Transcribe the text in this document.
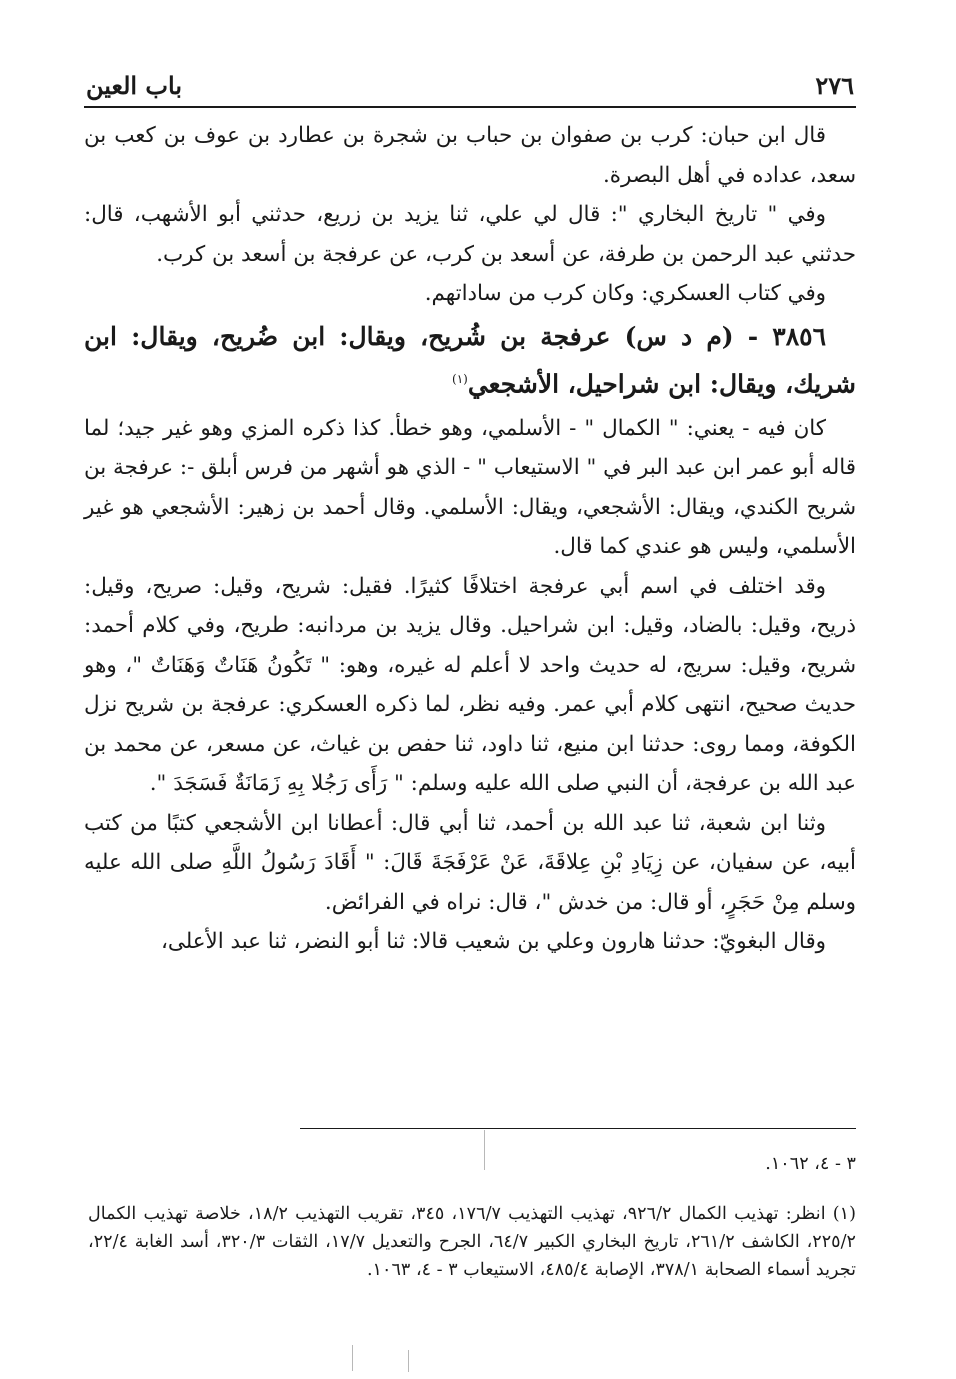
٢٧٦
باب العين

قال ابن حبان: كرب بن صفوان بن حباب بن شجرة بن عطارد بن عوف بن كعب بن سعد، عداده في أهل البصرة.

وفي " تاريخ البخاري ": قال لي علي، ثنا يزيد بن زريع، حدثني أبو الأشهب، قال: حدثني عبد الرحمن بن طرفة، عن أسعد بن كرب، عن عرفجة بن أسعد بن كرب.

وفي كتاب العسكري: وكان كرب من ساداتهم.

٣٨٥٦ - (م د س) عرفجة بن شُريح، ويقال: ابن ضُريح، ويقال: ابن شريك، ويقال: ابن شراحيل، الأشجعي$^{(١)}$

كان فيه - يعني: " الكمال " - الأسلمي، وهو خطأ. كذا ذكره المزي وهو غير جيد؛ لما قاله أبو عمر ابن عبد البر في " الاستيعاب " - الذي هو أشهر من فرس أبلق -: عرفجة بن شريح الكندي، ويقال: الأشجعي، ويقال: الأسلمي. وقال أحمد بن زهير: الأشجعي هو غير الأسلمي، وليس هو عندي كما قال.

وقد اختلف في اسم أبي عرفجة اختلافًا كثيرًا. فقيل: شريح، وقيل: صريح، وقيل: ذريح، وقيل: بالضاد، وقيل: ابن شراحيل. وقال يزيد بن مردانبه: طريح، وفي كلام أحمد: شريح، وقيل: سريج، له حديث واحد لا أعلم له غيره، وهو: " تَكُونُ هَنَاتٌ وَهَنَاتٌ "، وهو حديث صحيح، انتهى كلام أبي عمر. وفيه نظر، لما ذكره العسكري: عرفجة بن شريح نزل الكوفة، ومما روى: حدثنا ابن منيع، ثنا داود، ثنا حفص بن غياث، عن مسعر، عن محمد بن عبد الله بن عرفجة، أن النبي صلى الله عليه وسلم: " رَأَى رَجُلا بِهِ زَمَانَةٌ فَسَجَدَ ".

وثنا ابن شعبة، ثنا عبد الله بن أحمد، ثنا أبي قال: أعطانا ابن الأشجعي كتبًا من كتب أبيه، عن سفيان، عن زِيَادِ بْنِ عِلاقَةَ، عَنْ عَرْفَجَةَ قَالَ: " أَقَادَ رَسُولُ اللَّهِ صلى الله عليه وسلم مِنْ حَجَرٍ، أو قال: من خدش "، قال: نراه في الفرائض.

وقال البغويّ: حدثنا هارون وعلي بن شعيب قالا: ثنا أبو النضر، ثنا عبد الأعلى،

٣ - ٤، ١٠٦٢.

(١) انظر: تهذيب الكمال ٩٢٦/٢، تهذيب التهذيب ١٧٦/٧، ٣٤٥، تقريب التهذيب ١٨/٢، خلاصة تهذيب الكمال ٢٢٥/٢، الكاشف ٢٦١/٢، تاريخ البخاري الكبير ٦٤/٧، الجرح والتعديل ١٧/٧، الثقات ٣٢٠/٣، أسد الغابة ٢٢/٤، تجريد أسماء الصحابة ٣٧٨/١، الإصابة ٤٨٥/٤، الاستيعاب ٣ - ٤، ١٠٦٣.
